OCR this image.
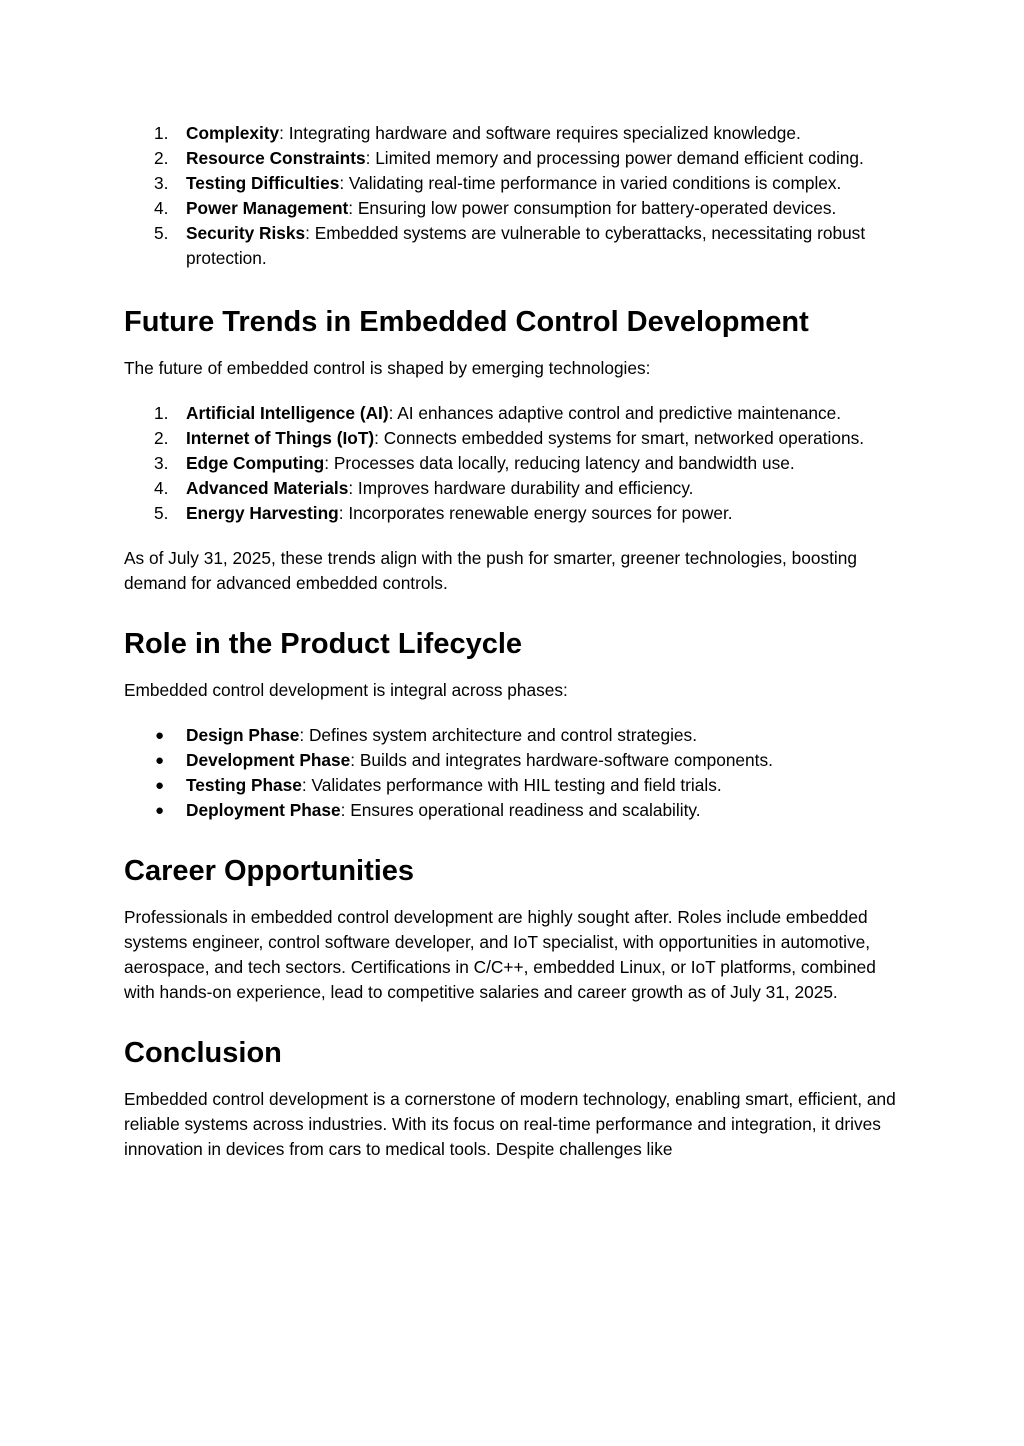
1.	Complexity: Integrating hardware and software requires specialized knowledge.
2.	Resource Constraints: Limited memory and processing power demand efficient coding.
3.	Testing Difficulties: Validating real-time performance in varied conditions is complex.
4.	Power Management: Ensuring low power consumption for battery-operated devices.
5.	Security Risks: Embedded systems are vulnerable to cyberattacks, necessitating robust protection.
Future Trends in Embedded Control Development

The future of embedded control is shaped by emerging technologies:

1.	Artificial Intelligence (AI): AI enhances adaptive control and predictive maintenance.
2.	Internet of Things (IoT): Connects embedded systems for smart, networked operations.
3.	Edge Computing: Processes data locally, reducing latency and bandwidth use.
4.	Advanced Materials: Improves hardware durability and efficiency.
5.	Energy Harvesting: Incorporates renewable energy sources for power.

As of July 31, 2025, these trends align with the push for smarter, greener technologies, boosting demand for advanced embedded controls.

Role in the Product Lifecycle

Embedded control development is integral across phases:

●	Design Phase: Defines system architecture and control strategies.
●	Development Phase: Builds and integrates hardware-software components.
●	Testing Phase: Validates performance with HIL testing and field trials.
●	Deployment Phase: Ensures operational readiness and scalability.
Career Opportunities

Professionals in embedded control development are highly sought after. Roles include embedded systems engineer, control software developer, and IoT specialist, with opportunities in automotive, aerospace, and tech sectors. Certifications in C/C++, embedded Linux, or IoT platforms, combined with hands-on experience, lead to competitive salaries and career growth as of July 31, 2025.

Conclusion

Embedded control development is a cornerstone of modern technology, enabling smart, efficient, and reliable systems across industries. With its focus on real-time performance and integration, it drives innovation in devices from cars to medical tools. Despite challenges like
